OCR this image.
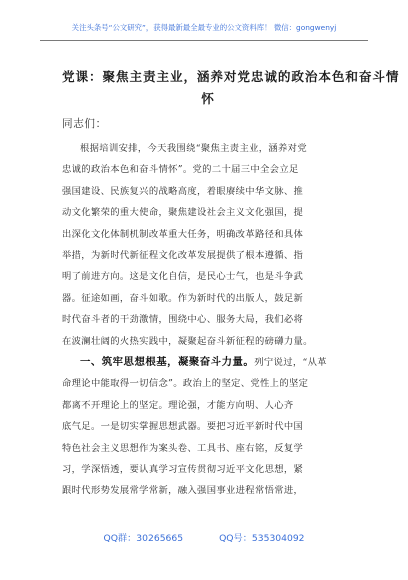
关注头条号“公文研究”，获得最新最全最专业的公文资料库！ 微信：gongwenyj
党课：聚焦主责主业，涵养对党忠诚的政治本色和奋斗情
怀
同志们：
根据培训安排，今天我围绕“聚焦主责主业，涵养对党
忠诚的政治本色和奋斗情怀”。党的二十届三中全会立足
强国建设、民族复兴的战略高度，着眼赓续中华文脉、推
动文化繁荣的重大使命，聚焦建设社会主义文化强国，提
出深化文化体制机制改革重大任务，明确改革路径和具体
举措，为新时代新征程文化改革发展提供了根本遵循、指
明了前进方向。这是文化自信，是民心士气，也是斗争武
器。征途如画，奋斗如歌。作为新时代的出版人，鼓足新
时代奋斗者的干劲激情，围绕中心、服务大局，我们必将
在波澜壮阔的火热实践中，凝聚起奋斗新征程的磅礴力量。
一、筑牢思想根基，凝聚奋斗力量。列宁说过，“从革
命理论中能取得一切信念”。政治上的坚定、党性上的坚定
都离不开理论上的坚定。理论强，才能方向明、人心齐
底气足。一是切实掌握思想武器。要把习近平新时代中国
特色社会主义思想作为案头卷、工具书、座右铭，反复学
习，学深悟透，要认真学习宣传贯彻习近平文化思想，紧
跟时代形势发展常学常新，融入强国事业进程常悟常进，
QQ群：30265665	QQ号：535304092
